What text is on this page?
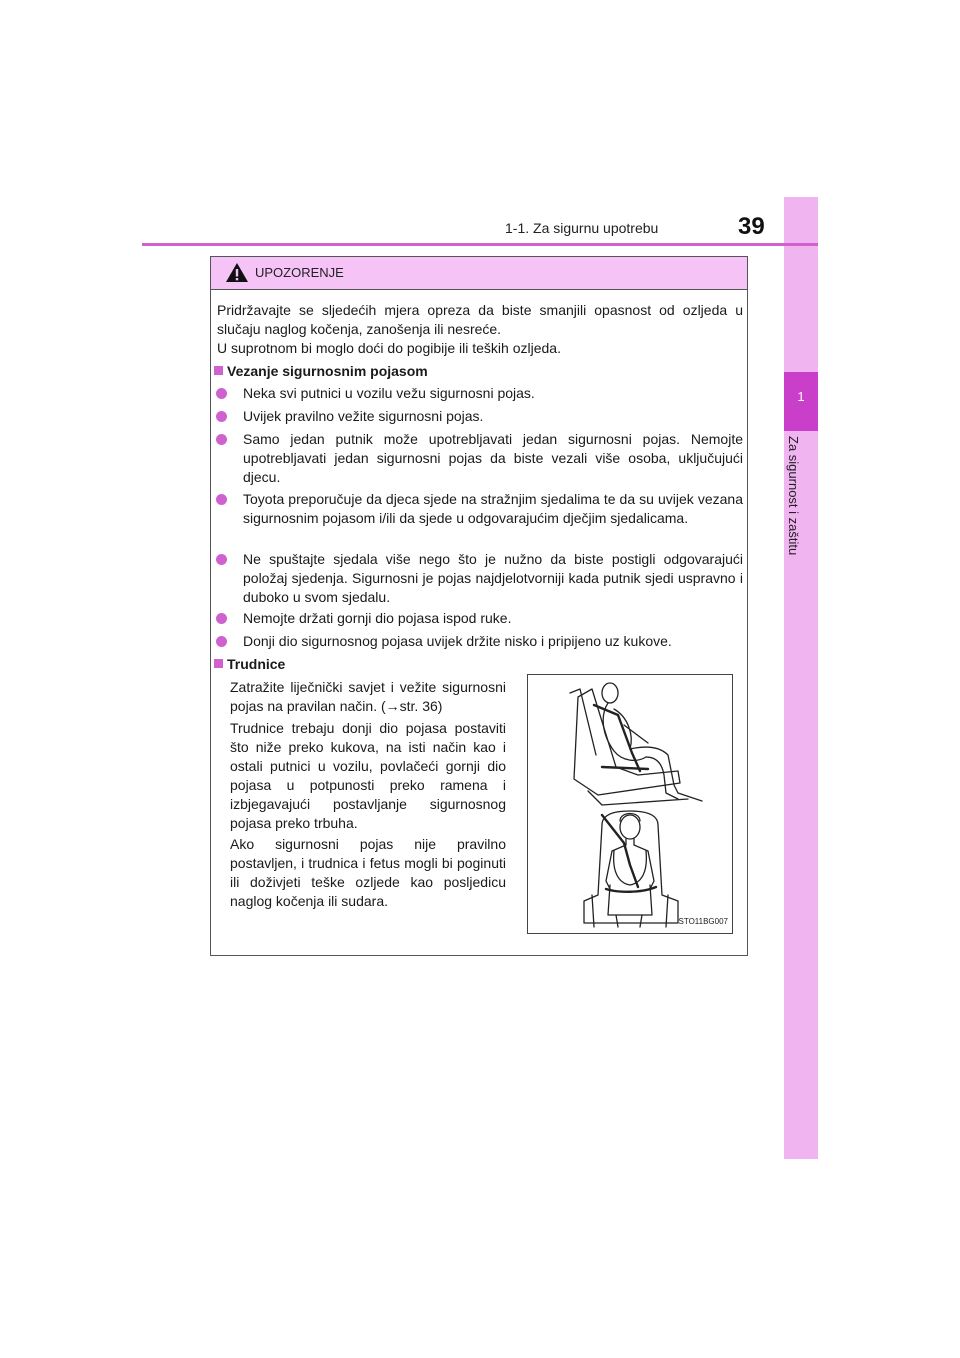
1
Za sigurnost i zaštitu
39
1-1. Za sigurnu upotrebu
UPOZORENJE
Pridržavajte se sljedećih mjera opreza da biste smanjili opasnost od ozljeda u slučaju naglog kočenja, zanošenja ili nesreće.
U suprotnom bi moglo doći do pogibije ili teških ozljeda.
Vezanje sigurnosnim pojasom
Neka svi putnici u vozilu vežu sigurnosni pojas.
Uvijek pravilno vežite sigurnosni pojas.
Samo jedan putnik može upotrebljavati jedan sigurnosni pojas. Nemojte upotrebljavati jedan sigurnosni pojas da biste vezali više osoba, uključujući djecu.
Toyota preporučuje da djeca sjede na stražnjim sjedalima te da su uvijek vezana sigurnosnim pojasom i/ili da sjede u odgovarajućim dječjim sjedalicama.
Ne spuštajte sjedala više nego što je nužno da biste postigli odgovarajući položaj sjedenja. Sigurnosni je pojas najdjelotvorniji kada putnik sjedi uspravno i duboko u svom sjedalu.
Nemojte držati gornji dio pojasa ispod ruke.
Donji dio sigurnosnog pojasa uvijek držite nisko i pripijeno uz kukove.
Trudnice
Zatražite liječnički savjet i vežite sigurnosni pojas na pravilan način. (→str. 36)
Trudnice trebaju donji dio pojasa postaviti što niže preko kukova, na isti način kao i ostali putnici u vozilu, povlačeći gornji dio pojasa u potpunosti preko ramena i izbjegavajući postavljanje sigurnosnog pojasa preko trbuha.
Ako sigurnosni pojas nije pravilno postavljen, i trudnica i fetus mogli bi poginuti ili doživjeti teške ozljede kao posljedicu naglog kočenja ili sudara.
STO11BG007
